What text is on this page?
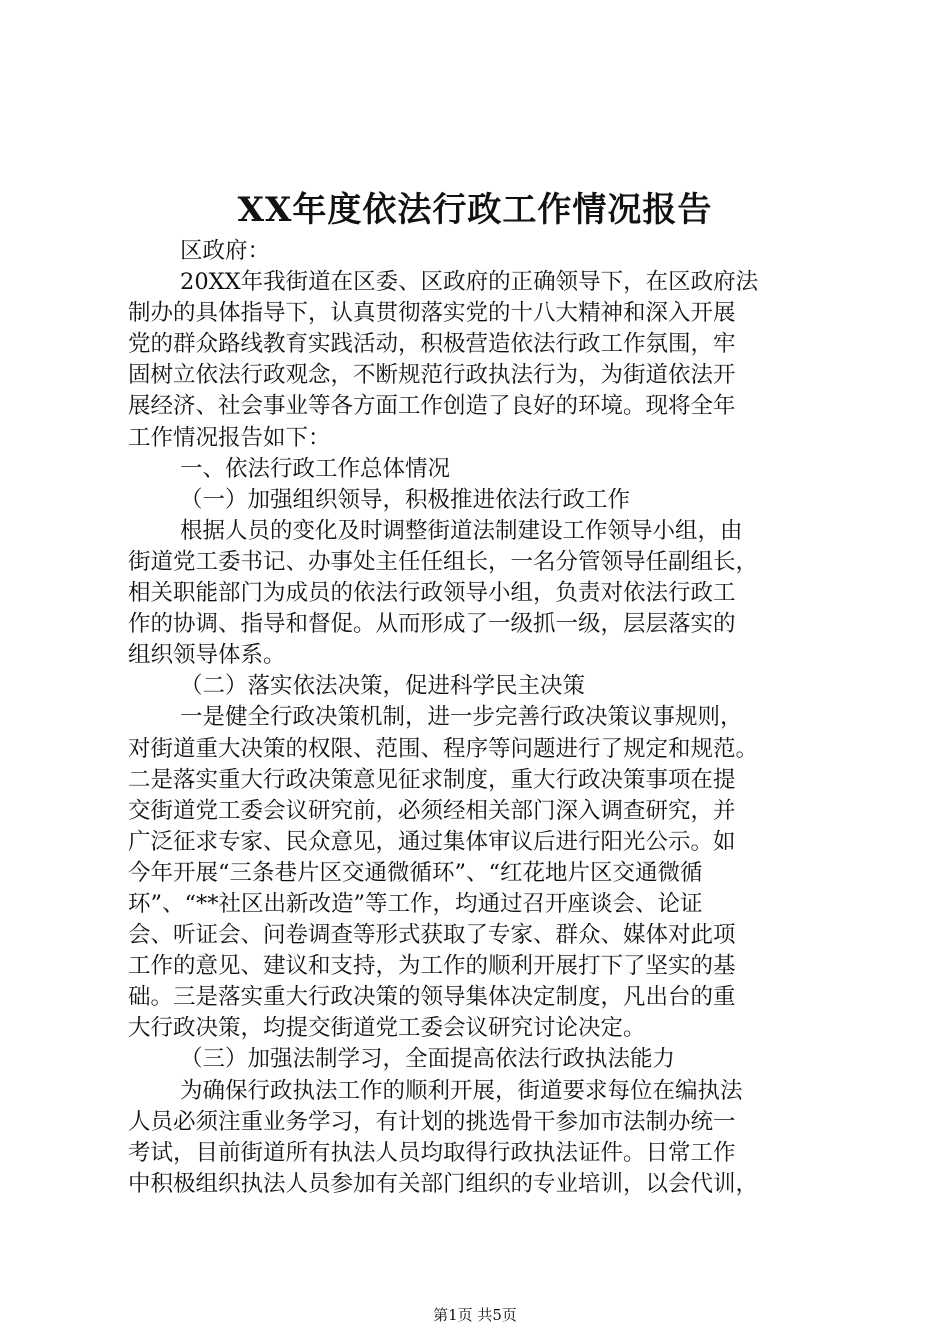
XX年度依法行政工作情况报告
区政府：
20XX年我街道在区委、区政府的正确领导下，在区政府法
制办的具体指导下，认真贯彻落实党的十八大精神和深入开展
党的群众路线教育实践活动，积极营造依法行政工作氛围，牢
固树立依法行政观念，不断规范行政执法行为，为街道依法开
展经济、社会事业等各方面工作创造了良好的环境。现将全年
工作情况报告如下：
一、依法行政工作总体情况
（一）加强组织领导，积极推进依法行政工作
根据人员的变化及时调整街道法制建设工作领导小组，由
街道党工委书记、办事处主任任组长，一名分管领导任副组长，
相关职能部门为成员的依法行政领导小组，负责对依法行政工
作的协调、指导和督促。从而形成了一级抓一级，层层落实的
组织领导体系。
（二）落实依法决策，促进科学民主决策
一是健全行政决策机制，进一步完善行政决策议事规则，
对街道重大决策的权限、范围、程序等问题进行了规定和规范。
二是落实重大行政决策意见征求制度，重大行政决策事项在提
交街道党工委会议研究前，必须经相关部门深入调查研究，并
广泛征求专家、民众意见，通过集体审议后进行阳光公示。如
今年开展“三条巷片区交通微循环”、“红花地片区交通微循
环”、“**社区出新改造”等工作，均通过召开座谈会、论证
会、听证会、问卷调查等形式获取了专家、群众、媒体对此项
工作的意见、建议和支持，为工作的顺利开展打下了坚实的基
础。三是落实重大行政决策的领导集体决定制度，凡出台的重
大行政决策，均提交街道党工委会议研究讨论决定。
（三）加强法制学习，全面提高依法行政执法能力
为确保行政执法工作的顺利开展，街道要求每位在编执法
人员必须注重业务学习，有计划的挑选骨干参加市法制办统一
考试，目前街道所有执法人员均取得行政执法证件。日常工作
中积极组织执法人员参加有关部门组织的专业培训，以会代训，
第1页 共5页
